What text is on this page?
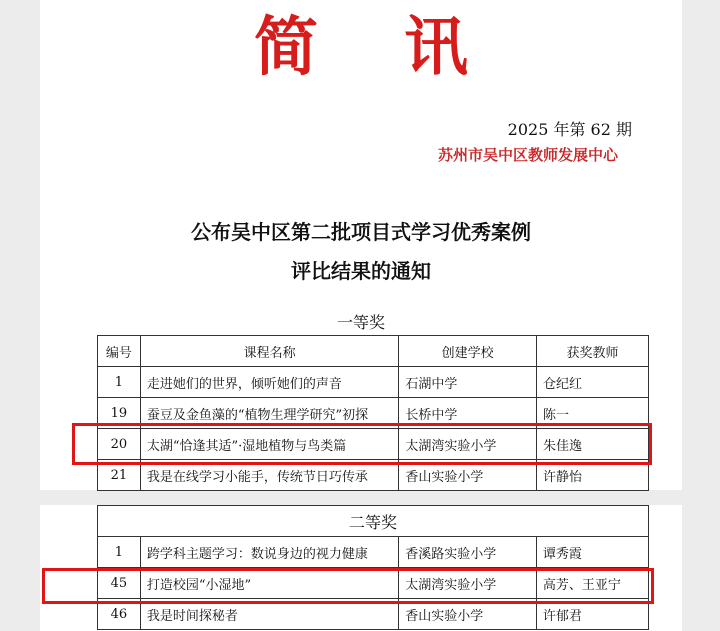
简讯
2025 年第 62 期
苏州市吴中区教师发展中心
公布吴中区第二批项目式学习优秀案例
评比结果的通知
一等奖
编号	课程名称	创建学校	获奖教师
1	走进她们的世界，倾听她们的声音	石湖中学	仓纪红
19	蚕豆及金鱼藻的“植物生理学研究”初探	长桥中学	陈一
20	太湖“恰逢其适”·湿地植物与鸟类篇	太湖湾实验小学	朱佳逸
21	我是在线学习小能手，传统节日巧传承	香山实验小学	许静怡
二等奖			
1	跨学科主题学习：数说身边的视力健康	香溪路实验小学	谭秀霞
45	打造校园“小湿地”	太湖湾实验小学	高芳、王亚宁
46	我是时间探秘者	香山实验小学	许郁君
